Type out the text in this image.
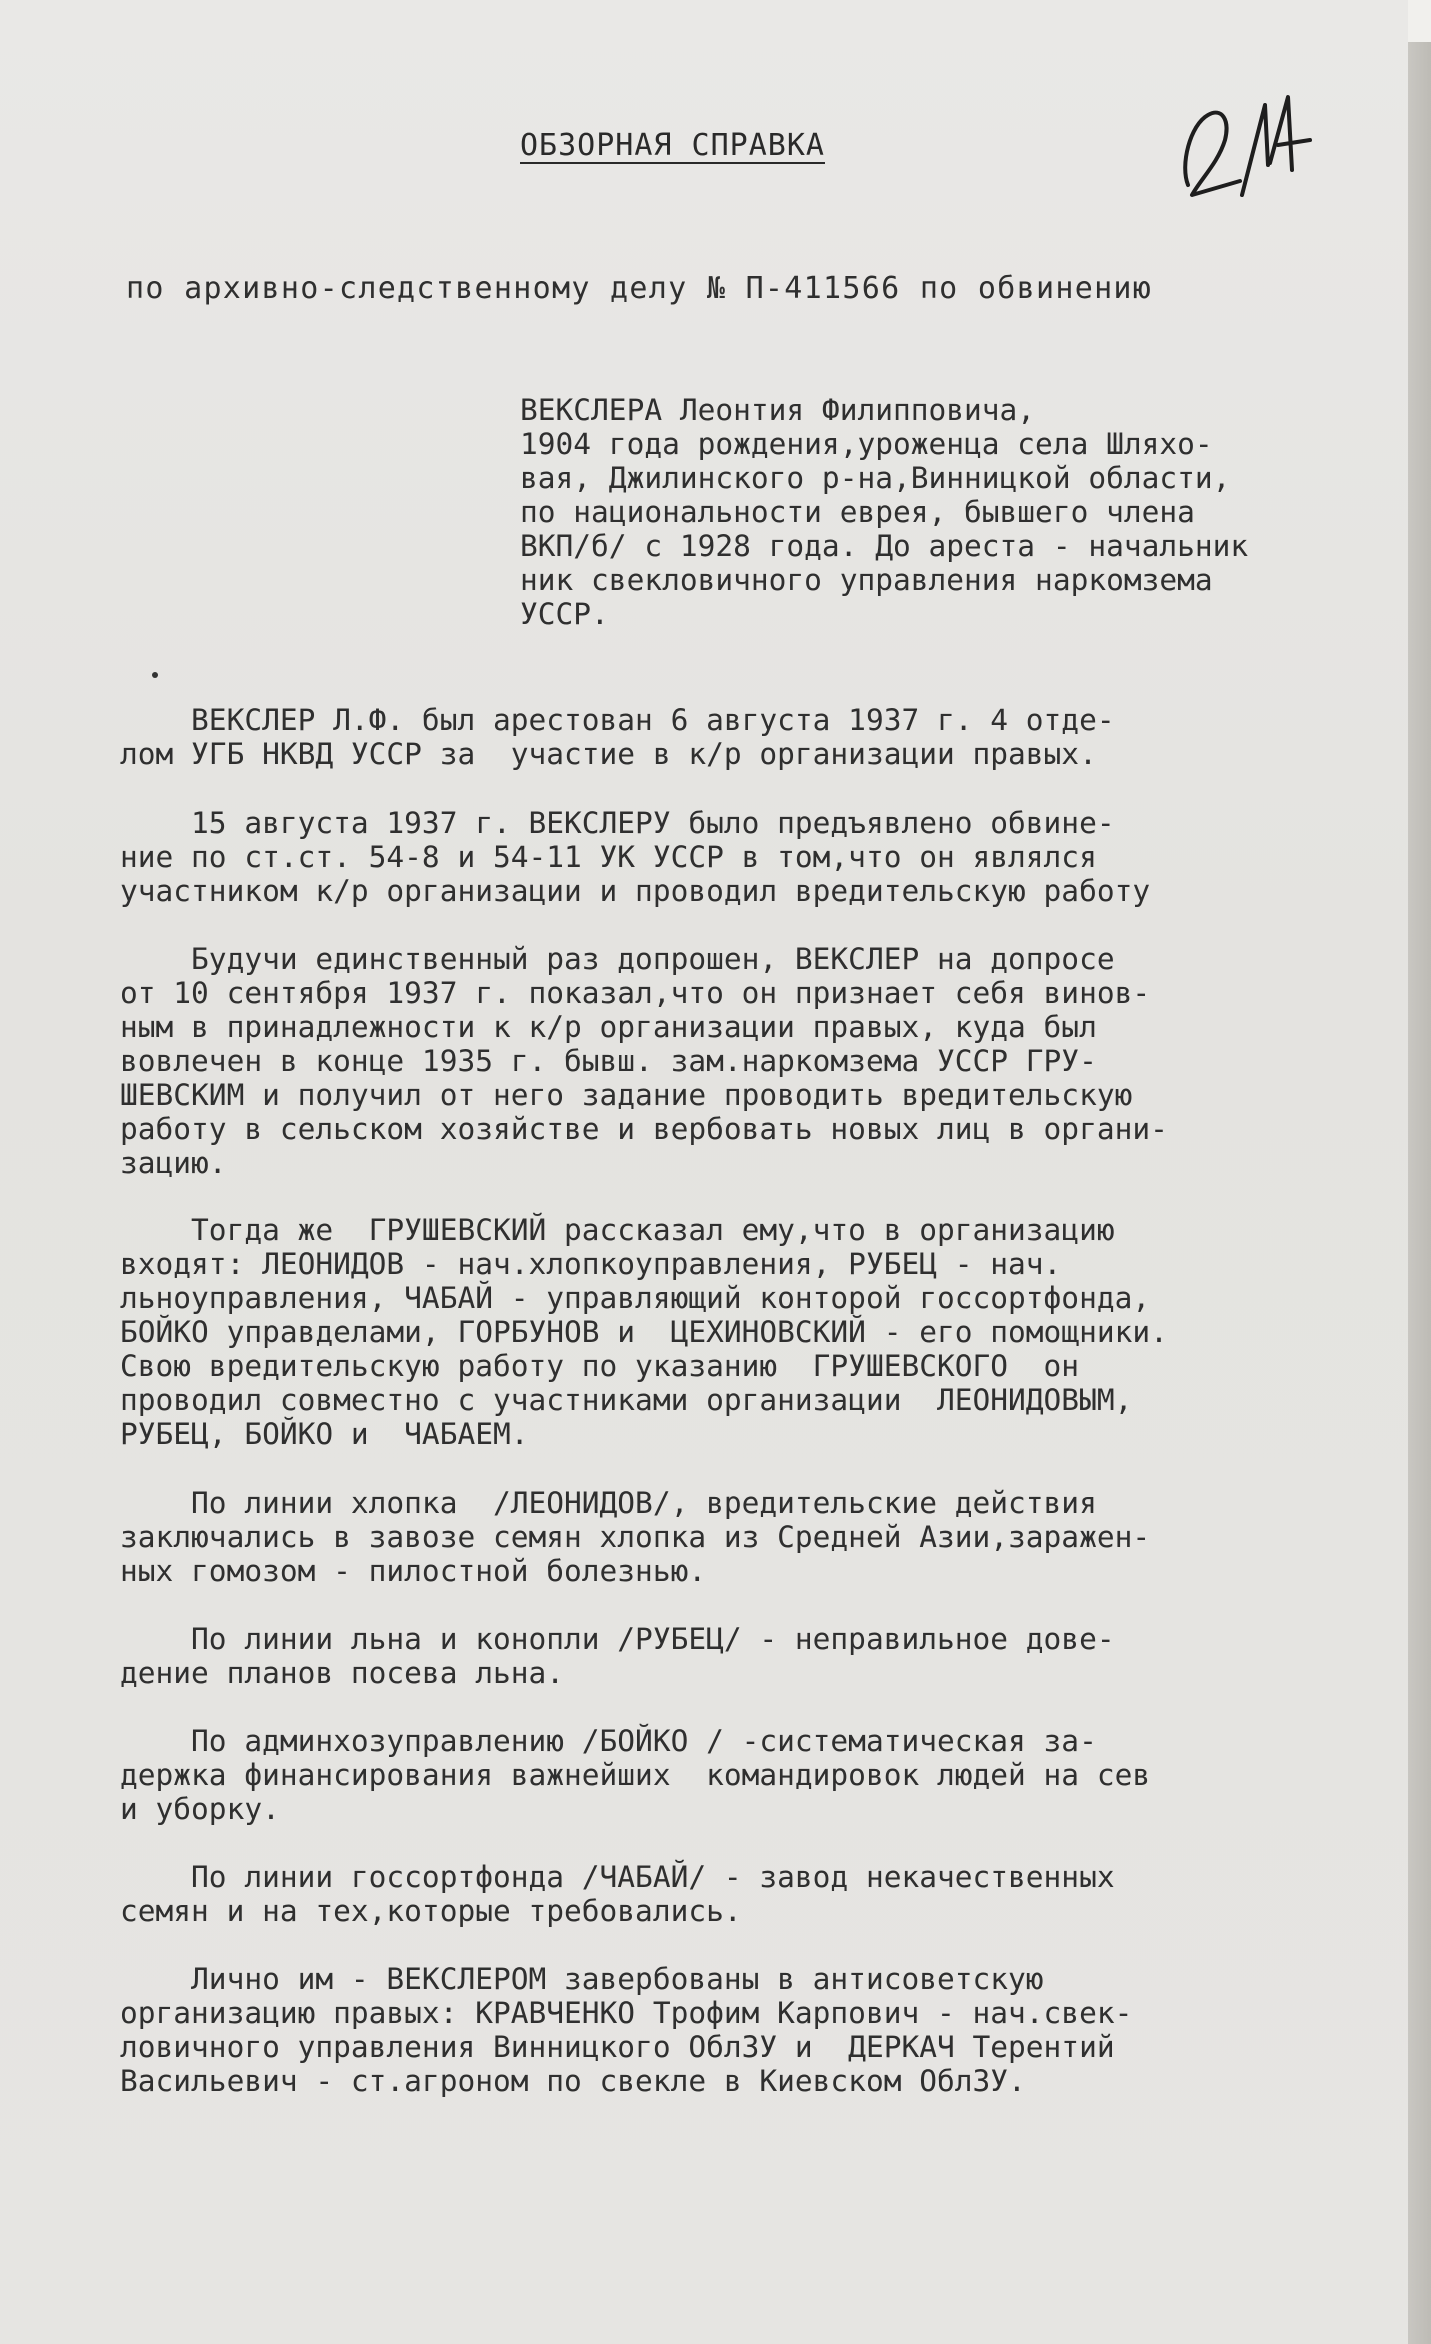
ОБЗОРНАЯ СПРАВКА
по архивно-следственному делу № П-411566 по обвинению
ВЕКСЛЕРА Леонтия Филипповича,
1904 года рождения,уроженца села Шляхо-
вая, Джилинского р-на,Винницкой области,
по национальности еврея, бывшего члена
ВКП/б/ с 1928 года. До ареста - начальник
ник свекловичного управления наркомзема
УССР.
ВЕКСЛЕР Л.Ф. был арестован 6 августа 1937 г. 4 отде-
лом УГБ НКВД УССР за  участие в к/р организации правых.
15 августа 1937 г. ВЕКСЛЕРУ было предъявлено обвине-
ние по ст.ст. 54-8 и 54-11 УК УССР в том,что он являлся
участником к/р организации и проводил вредительскую работу
Будучи единственный раз допрошен, ВЕКСЛЕР на допросе
от 10 сентября 1937 г. показал,что он признает себя винов-
ным в принадлежности к к/р организации правых, куда был
вовлечен в конце 1935 г. бывш. зам.наркомзема УССР ГРУ-
ШЕВСКИМ и получил от него задание проводить вредительскую
работу в сельском хозяйстве и вербовать новых лиц в органи-
зацию.
Тогда же  ГРУШЕВСКИЙ рассказал ему,что в организацию
входят: ЛЕОНИДОВ - нач.хлопкоуправления, РУБЕЦ - нач.
льноуправления, ЧАБАЙ - управляющий конторой госсортфонда,
БОЙКО управделами, ГОРБУНОВ и  ЦЕХИНОВСКИЙ - его помощники.
Свою вредительскую работу по указанию  ГРУШЕВСКОГО  он
проводил совместно с участниками организации  ЛЕОНИДОВЫМ,
РУБЕЦ, БОЙКО и  ЧАБАЕМ.
По линии хлопка  /ЛЕОНИДОВ/, вредительские действия
заключались в завозе семян хлопка из Средней Азии,заражен-
ных гомозом - пилостной болезнью.
По линии льна и конопли /РУБЕЦ/ - неправильное дове-
дение планов посева льна.
По админхозуправлению /БОЙКО / -систематическая за-
держка финансирования важнейших  командировок людей на сев
и уборку.
По линии госсортфонда /ЧАБАЙ/ - завод некачественных
семян и на тех,которые требовались.
Лично им - ВЕКСЛЕРОМ завербованы в антисоветскую
организацию правых: КРАВЧЕНКО Трофим Карпович - нач.свек-
ловичного управления Винницкого ОблЗУ и  ДЕРКАЧ Терентий
Васильевич - ст.агроном по свекле в Киевском ОблЗУ.
